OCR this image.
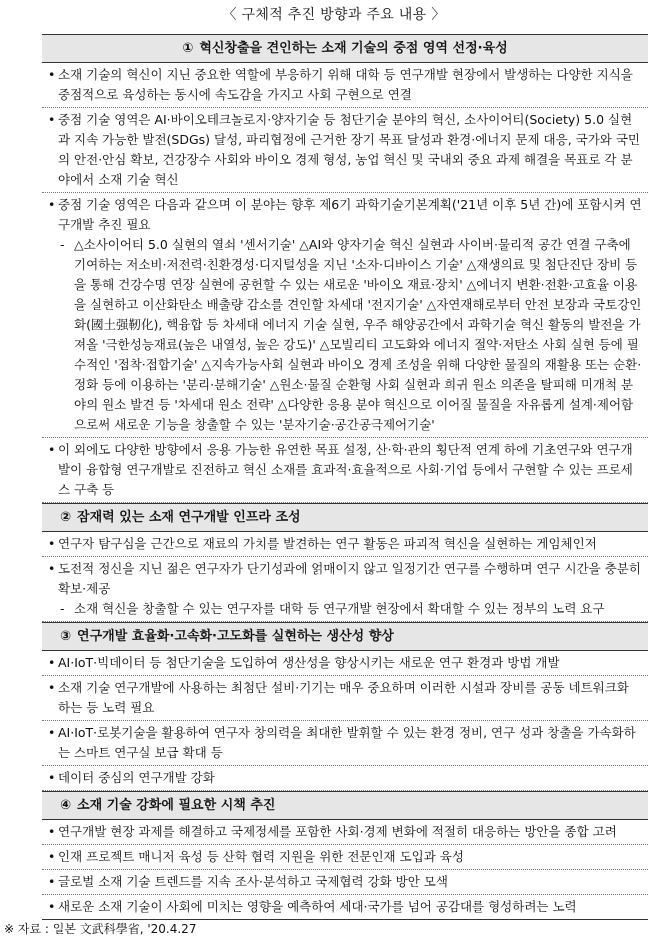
〈 구체적 추진 방향과 주요 내용 〉
① 혁신창출을 견인하는 소재 기술의 중점 영역 선정·육성
• 소재 기술의 혁신이 지닌 중요한 역할에 부응하기 위해 대학 등 연구개발 현장에서 발생하는 다양한 지식을 중점적으로 육성하는 동시에 속도감을 가지고 사회 구현으로 연결
• 중점 기술 영역은 AI·바이오테크놀로지·양자기술 등 첨단기술 분야의 혁신, 소사이어티(Society) 5.0 실현과 지속 가능한 발전(SDGs) 달성, 파리협정에 근거한 장기 목표 달성과 환경·에너지 문제 대응, 국가와 국민의 안전·안심 확보, 건강장수 사회와 바이오 경제 형성, 농업 혁신 및 국내외 중요 과제 해결을 목표로 각 분야에서 소재 기술 혁신
• 중점 기술 영역은 다음과 같으며 이 분야는 향후 제6기 과학기술기본계획('21년 이후 5년 간)에 포함시켜 연구개발 추진 필요
- △소사이어티 5.0 실현의 열쇠 '센서기술' △AI와 양자기술 혁신 실현과 사이버·물리적 공간 연결 구축에 기여하는 저소비·저전력·친환경성·디지털성을 지닌 '소자·디바이스 기술' △재생의료 및 첨단진단 장비 등을 통해 건강수명 연장 실현에 공헌할 수 있는 새로운 '바이오 재료·장치' △에너지 변환·전환·고효율 이용을 실현하고 이산화탄소 배출량 감소를 견인할 차세대 '전지기술' △자연재해로부터 안전 보장과 국토강인화(國土强靭化), 핵융합 등 차세대 에너지 기술 실현, 우주 해양공간에서 과학기술 혁신 활동의 발전을 가져올 '극한성능재료(높은 내열성, 높은 강도)' △모빌리티 고도화와 에너지 절약·저탄소 사회 실현 등에 필수적인 '접착·접합기술' △지속가능사회 실현과 바이오 경제 조성을 위해 다양한 물질의 재활용 또는 순환·정화 등에 이용하는 '분리·분해기술' △원소·물질 순환형 사회 실현과 희귀 원소 의존을 탈피해 미개척 분야의 원소 발견 등 '차세대 원소 전략' △다양한 응용 분야 혁신으로 이어질 물질을 자유롭게 설계·제어함으로써 새로운 기능을 창출할 수 있는 '분자기술·공간공극제어기술'
• 이 외에도 다양한 방향에서 응용 가능한 유연한 목표 설정, 산·학·관의 횡단적 연계 하에 기초연구와 연구개발이 융합형 연구개발로 진전하고 혁신 소재를 효과적·효율적으로 사회·기업 등에서 구현할 수 있는 프로세스 구축 등
② 잠재력 있는 소재 연구개발 인프라 조성
• 연구자 탐구심을 근간으로 재료의 가치를 발견하는 연구 활동은 파괴적 혁신을 실현하는 게임체인저
• 도전적 정신을 지닌 젊은 연구자가 단기성과에 얽매이지 않고 일정기간 연구를 수행하며 연구 시간을 충분히 확보·제공
- 소재 혁신을 창출할 수 있는 연구자를 대학 등 연구개발 현장에서 확대할 수 있는 정부의 노력 요구
③ 연구개발 효율화·고속화·고도화를 실현하는 생산성 향상
• AI·IoT·빅데이터 등 첨단기술을 도입하여 생산성을 향상시키는 새로운 연구 환경과 방법 개발
• 소재 기술 연구개발에 사용하는 최첨단 설비·기기는 매우 중요하며 이러한 시설과 장비를 공동 네트워크화 하는 등 노력 필요
• AI·IoT·로봇기술을 활용하여 연구자 창의력을 최대한 발휘할 수 있는 환경 정비, 연구 성과 창출을 가속화하는 스마트 연구실 보급 확대 등
• 데이터 중심의 연구개발 강화
④ 소재 기술 강화에 필요한 시책 추진
• 연구개발 현장 과제를 해결하고 국제정세를 포함한 사회·경제 변화에 적절히 대응하는 방안을 종합 고려
• 인재 프로젝트 매니저 육성 등 산학 협력 지원을 위한 전문인재 도입과 육성
• 글로벌 소재 기술 트렌드를 지속 조사·분석하고 국제협력 강화 방안 모색
• 새로운 소재 기술이 사회에 미치는 영향을 예측하여 세대·국가를 넘어 공감대를 형성하려는 노력
※ 자료 : 일본 文武科學省, '20.4.27
